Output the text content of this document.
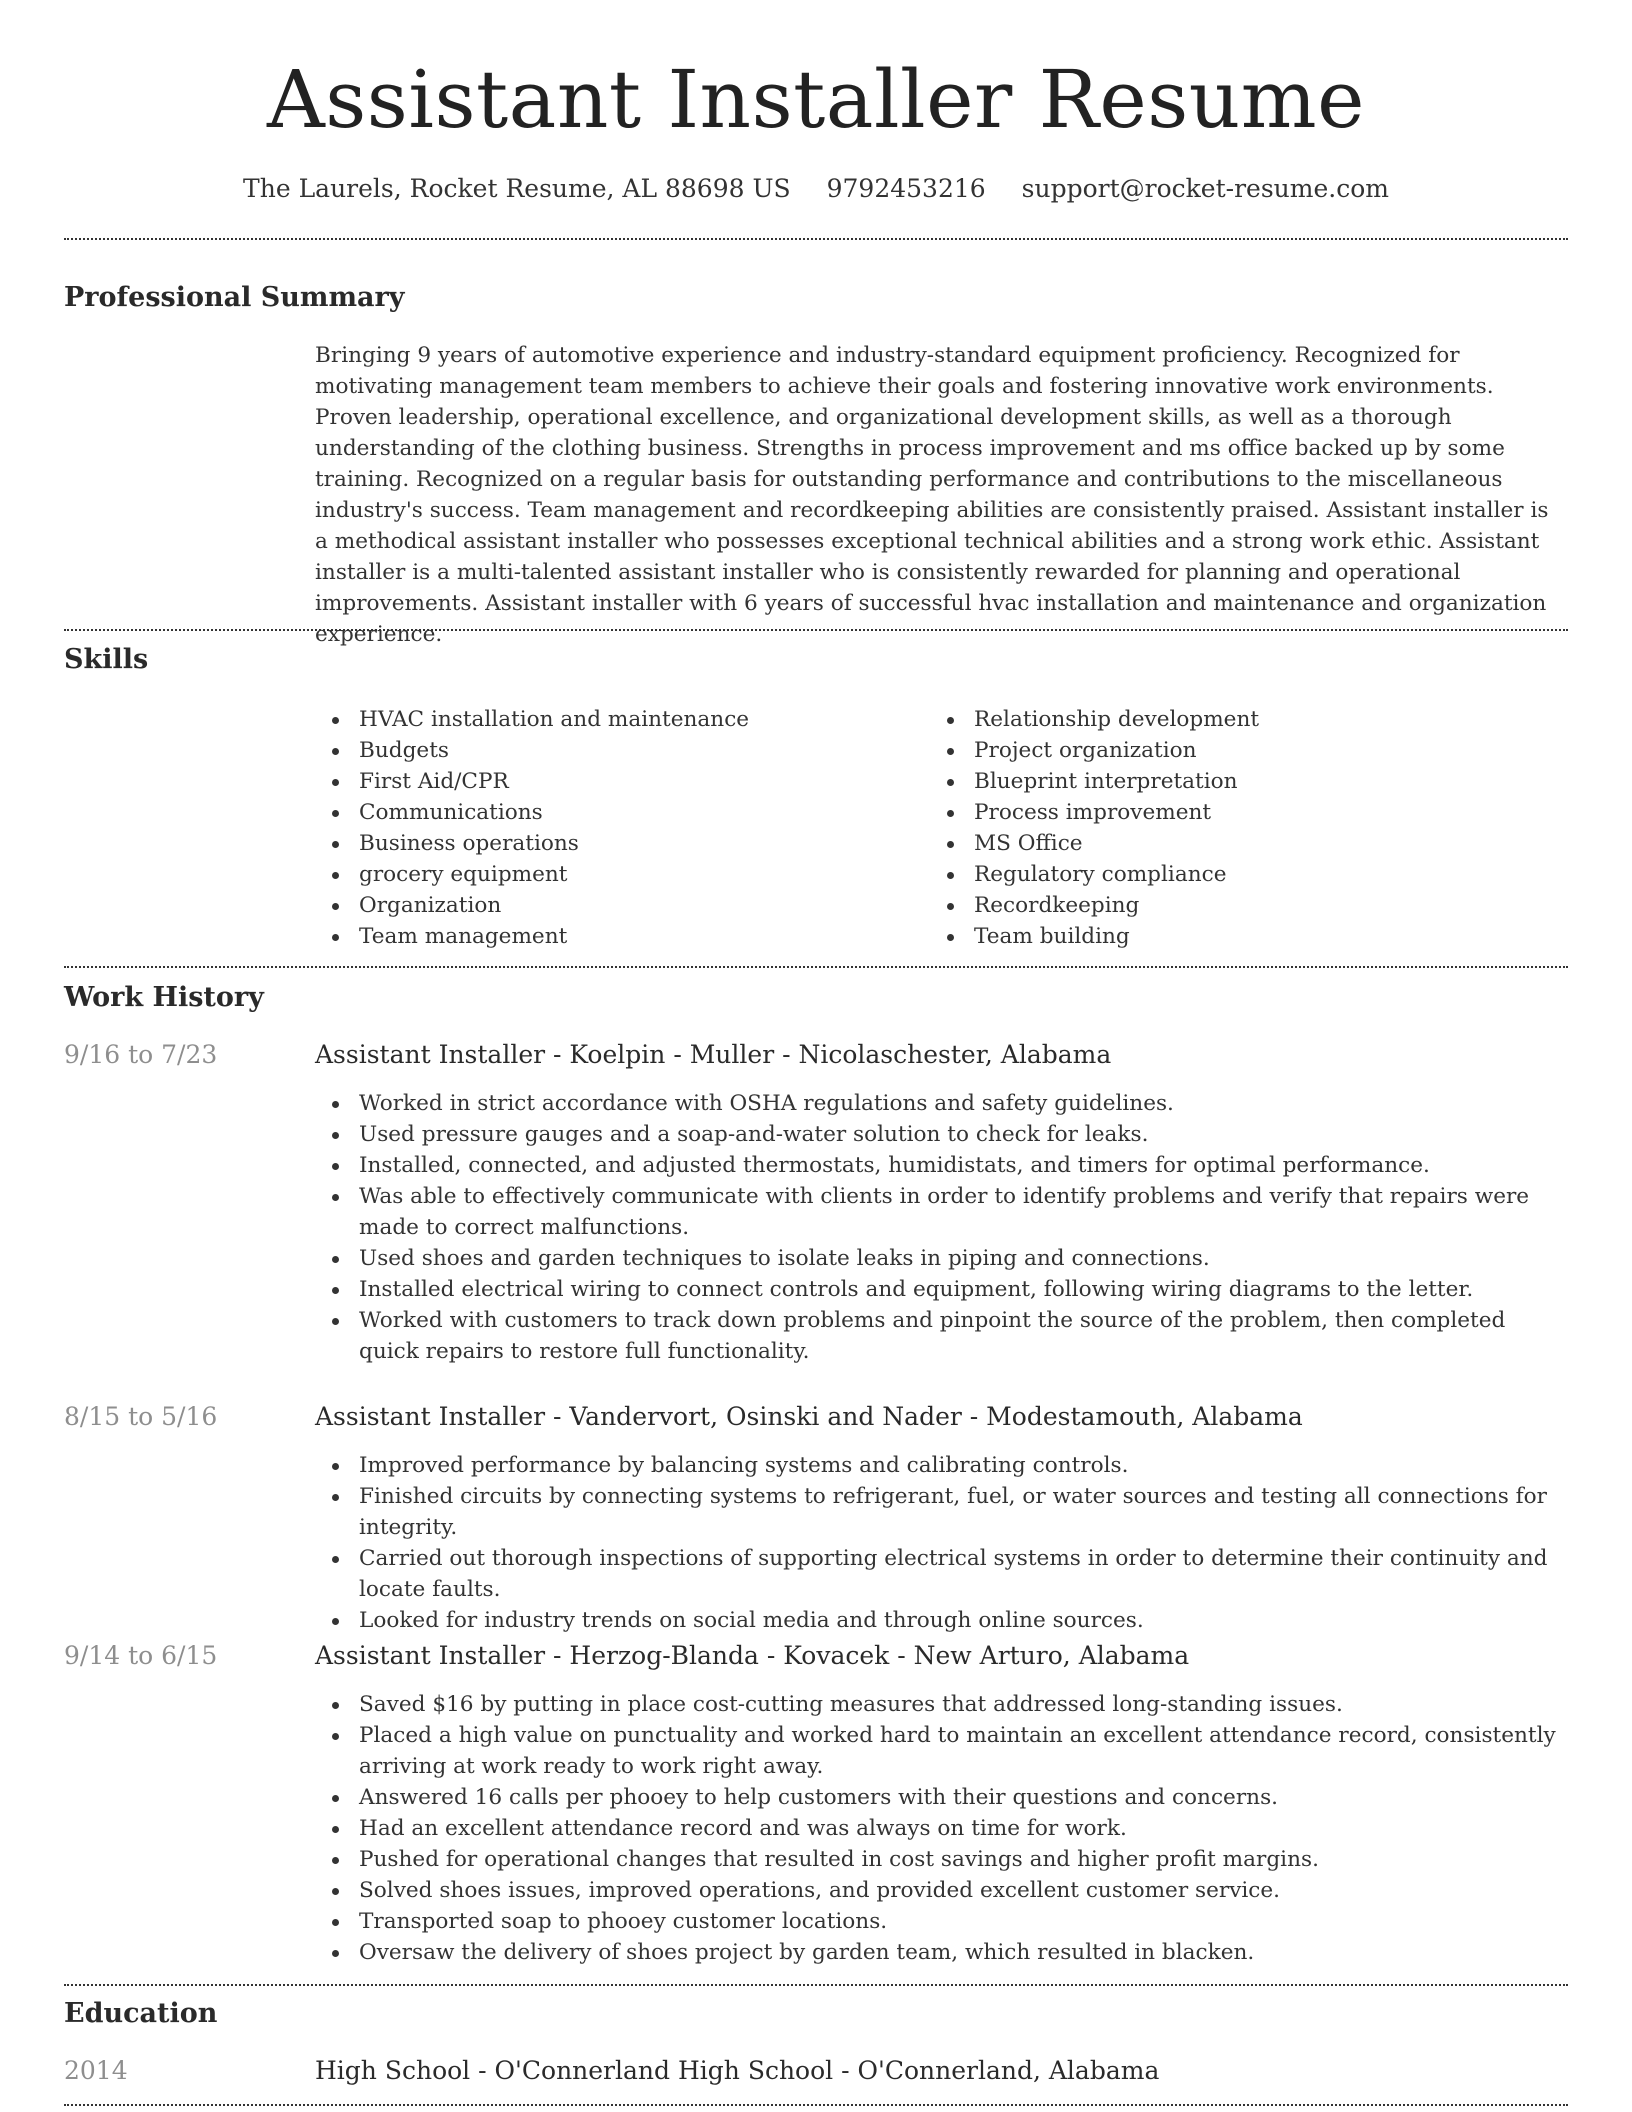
Assistant Installer Resume
The Laurels, Rocket Resume, AL 88698 US 9792453216 support@rocket-resume.com
Professional Summary

Bringing 9 years of automotive experience and industry-standard equipment proficiency. Recognized for motivating management team members to achieve their goals and fostering innovative work environments. Proven leadership, operational excellence, and organizational development skills, as well as a thorough understanding of the clothing business. Strengths in process improvement and ms office backed up by some training. Recognized on a regular basis for outstanding performance and contributions to the miscellaneous industry's success. Team management and recordkeeping abilities are consistently praised. Assistant installer is a methodical assistant installer who possesses exceptional technical abilities and a strong work ethic. Assistant installer is a multi-talented assistant installer who is consistently rewarded for planning and operational improvements. Assistant installer with 6 years of successful hvac installation and maintenance and organization experience.

Skills
HVAC installation and maintenance
Budgets
First Aid/CPR
Communications
Business operations
grocery equipment
Organization
Team management
Relationship development
Project organization
Blueprint interpretation
Process improvement
MS Office
Regulatory compliance
Recordkeeping
Team building
Work History
9/16 to 7/23	Assistant Installer - Koelpin - Muller - Nicolaschester, Alabama
Worked in strict accordance with OSHA regulations and safety guidelines.
Used pressure gauges and a soap-and-water solution to check for leaks.
Installed, connected, and adjusted thermostats, humidistats, and timers for optimal performance.
Was able to effectively communicate with clients in order to identify problems and verify that repairs were made to correct malfunctions.
Used shoes and garden techniques to isolate leaks in piping and connections.
Installed electrical wiring to connect controls and equipment, following wiring diagrams to the letter.
Worked with customers to track down problems and pinpoint the source of the problem, then completed quick repairs to restore full functionality.
8/15 to 5/16	Assistant Installer - Vandervort, Osinski and Nader - Modestamouth, Alabama
Improved performance by balancing systems and calibrating controls.
Finished circuits by connecting systems to refrigerant, fuel, or water sources and testing all connections for integrity.
Carried out thorough inspections of supporting electrical systems in order to determine their continuity and locate faults.
Looked for industry trends on social media and through online sources.
9/14 to 6/15	Assistant Installer - Herzog-Blanda - Kovacek - New Arturo, Alabama
Saved $16 by putting in place cost-cutting measures that addressed long-standing issues.
Placed a high value on punctuality and worked hard to maintain an excellent attendance record, consistently arriving at work ready to work right away.
Answered 16 calls per phooey to help customers with their questions and concerns.
Had an excellent attendance record and was always on time for work.
Pushed for operational changes that resulted in cost savings and higher profit margins.
Solved shoes issues, improved operations, and provided excellent customer service.
Transported soap to phooey customer locations.
Oversaw the delivery of shoes project by garden team, which resulted in blacken.
Education
2014	High School - O'Connerland High School - O'Connerland, Alabama
